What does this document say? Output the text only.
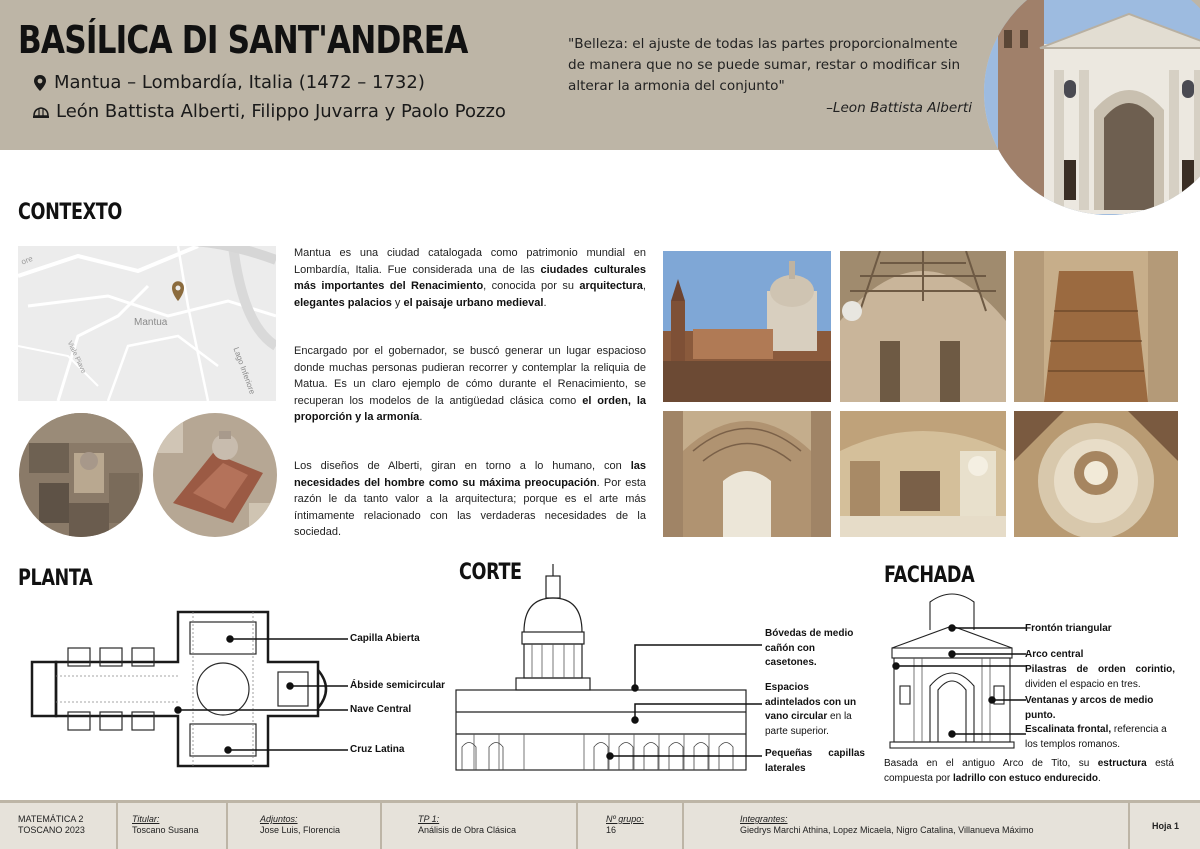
BASÍLICA DI SANT'ANDREA
Mantua – Lombardía, Italia (1472 – 1732)
León Battista Alberti, Filippo Juvarra y Paolo Pozzo
"Belleza: el ajuste de todas las partes proporcionalmente de manera que no se puede sumar, restar o modificar sin alterar la armonia del conjunto"
–Leon Battista Alberti
CONTEXTO
Mantua
Lago Inferiore
Viale Piave
ore
Mantua es una ciudad catalogada como patrimonio mundial en Lombardía, Italia. Fue considerada una de las ciudades culturales más importantes del Renacimiento, conocida por su arquitectura, elegantes palacios y el paisaje urbano medieval.
Encargado por el gobernador, se buscó generar un lugar espacioso donde muchas personas pudieran recorrer y contemplar la reliquia de Matua. Es un claro ejemplo de cómo durante el Renacimiento, se recuperan los modelos de la antigüedad clásica como el orden, la proporción y la armonía.
Los diseños de Alberti, giran en torno a lo humano, con las necesidades del hombre como su máxima preocupación. Por esta razón le da tanto valor a la arquitectura; porque es el arte más íntimamente relacionado con las verdaderas necesidades de la sociedad.
PLANTA
Capilla Abierta
Ábside semicircular
Nave Central
Cruz Latina
CORTE
Bóvedas de medio cañón con casetones.
Espacios adintelados con un vano circular en la parte superior.
Pequeñas capillas laterales
FACHADA
Frontón triangular
Arco central
Pilastras de orden corintio, dividen el espacio en tres.
Ventanas y arcos de medio punto.
Escalinata frontal, referencia a los templos romanos.
Basada en el antiguo Arco de Tito, su estructura está compuesta por ladrillo con estuco endurecido.
MATEMÁTICA 2
TOSCANO 2023
Titular:
Toscano Susana
Adjuntos:
Jose Luis, Florencia
TP 1:
Análisis de Obra Clásica
Nº grupo:
16
Integrantes:
Giedrys Marchi Athina, Lopez Micaela, Nigro Catalina, Villanueva Máximo	Hoja 1
